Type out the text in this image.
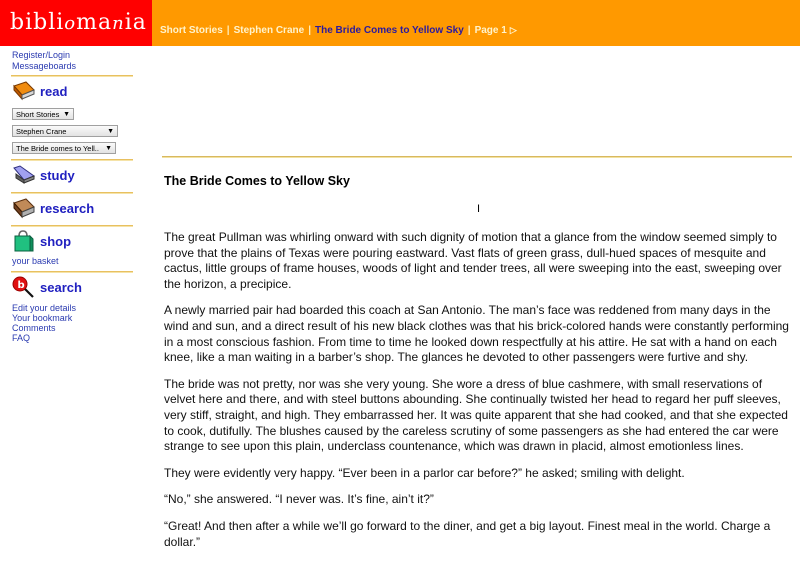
bibliomania Short Stories | Stephen Crane | The Bride Comes to Yellow Sky | Page 1 ▷
Register/Login
Messageboards
read
Short Stories ▼
Stephen Crane	▼
The Bride comes to Yell.. ▼
study
research
shop
your basket
b search
Edit your details
Your bookmark
Comments
FAQ
The Bride Comes to Yellow Sky
I

The great Pullman was whirling onward with such dignity of motion that a glance from the window seemed simply to prove that the plains of Texas were pouring eastward. Vast flats of green grass, dull-hued spaces of mesquite and cactus, little groups of frame houses, woods of light and tender trees, all were sweeping into the east, sweeping over the horizon, a precipice.

A newly married pair had boarded this coach at San Antonio. The man’s face was reddened from many days in the wind and sun, and a direct result of his new black clothes was that his brick-colored hands were constantly performing in a most conscious fashion. From time to time he looked down respectfully at his attire. He sat with a hand on each knee, like a man waiting in a barber’s shop. The glances he devoted to other passengers were furtive and shy.

The bride was not pretty, nor was she very young. She wore a dress of blue cashmere, with small reservations of velvet here and there, and with steel buttons abounding. She continually twisted her head to regard her puff sleeves, very stiff, straight, and high. They embarrassed her. It was quite apparent that she had cooked, and that she expected to cook, dutifully. The blushes caused by the careless scrutiny of some passengers as she had entered the car were strange to see upon this plain, underclass countenance, which was drawn in placid, almost emotionless lines.

They were evidently very happy. “Ever been in a parlor car before?” he asked; smiling with delight.

“No,” she answered. “I never was. It’s fine, ain’t it?”

“Great! And then after a while we’ll go forward to the diner, and get a big layout. Finest meal in the world. Charge a dollar.”
